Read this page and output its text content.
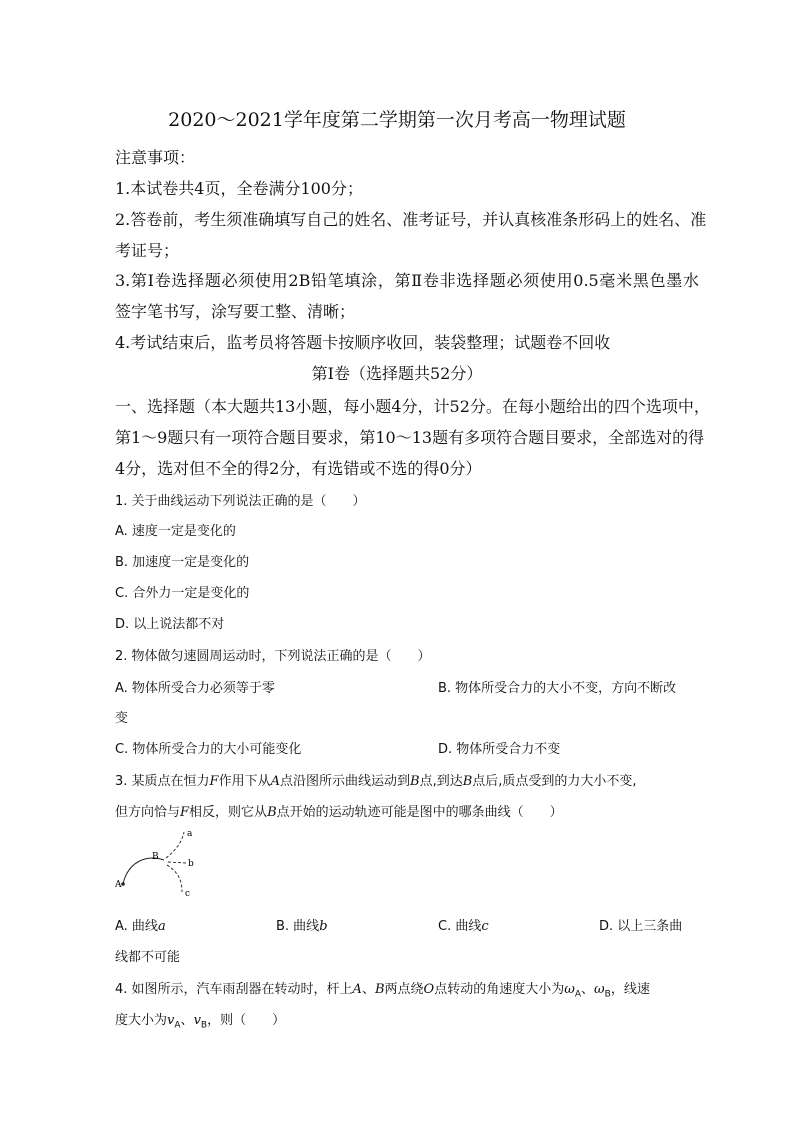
2020～2021学年度第二学期第一次月考高一物理试题
注意事项：
1.本试卷共4页，全卷满分100分；
2.答卷前，考生须准确填写自己的姓名、准考证号，并认真核准条形码上的姓名、准
考证号；
3.第Ⅰ卷选择题必须使用2B铅笔填涂，第Ⅱ卷非选择题必须使用0.5毫米黑色墨水
签字笔书写，涂写要工整、清晰；
4.考试结束后，监考员将答题卡按顺序收回，装袋整理；试题卷不回收
第Ⅰ卷（选择题共52分）
一、选择题（本大题共13小题，每小题4分，计52分。在每小题给出的四个选项中，
第1～9题只有一项符合题目要求，第10～13题有多项符合题目要求，全部选对的得
4分，选对但不全的得2分，有选错或不选的得0分）
1. 关于曲线运动下列说法正确的是（　　）
A. 速度一定是变化的
B. 加速度一定是变化的
C. 合外力一定是变化的
D. 以上说法都不对
2. 物体做匀速圆周运动时，下列说法正确的是（　　）
A. 物体所受合力必须等于零	B. 物体所受合力的大小不变，方向不断改
变
C. 物体所受合力的大小可能变化	D. 物体所受合力不变
3. 某质点在恒力F作用下从A点沿图所示曲线运动到B点,到达B点后,质点受到的力大小不变,
但方向恰与F相反，则它从B点开始的运动轨迹可能是图中的哪条曲线（　　）
a
b
c
A
B
A. 曲线a	B. 曲线b	C. 曲线c	D. 以上三条曲
线都不可能
4. 如图所示，汽车雨刮器在转动时，杆上A、B两点绕O点转动的角速度大小为$\omega_A$、$\omega_B$，线速
度大小为$v_A$、$v_B$，则（　　）
